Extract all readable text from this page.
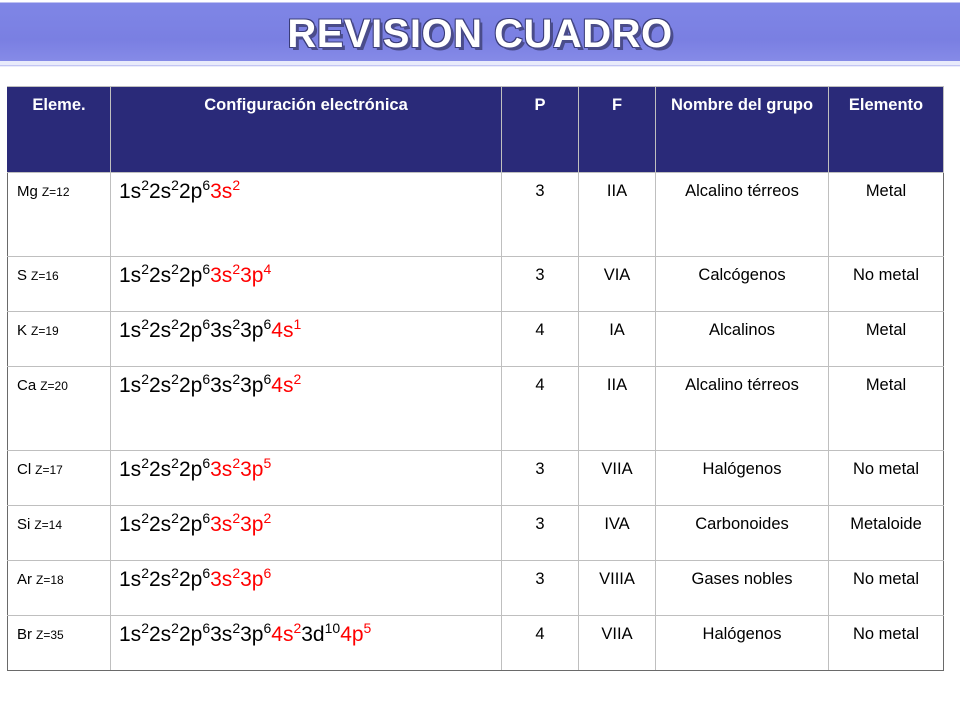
REVISION CUADRO
Eleme.	Configuración electrónica	P	F	Nombre del grupo	Elemento
Mg Z=12	$1s^22s^22p^63s^2$	3	IIA	Alcalino térreos	Metal
S Z=16	$1s^22s^22p^63s^23p^4$	3	VIA	Calcógenos	No metal
K Z=19	$1s^22s^22p^63s^23p^64s^1$	4	IA	Alcalinos	Metal
Ca Z=20	$1s^22s^22p^63s^23p^64s^2$	4	IIA	Alcalino térreos	Metal
Cl Z=17	$1s^22s^22p^63s^23p^5$	3	VIIA	Halógenos	No metal
Si Z=14	$1s^22s^22p^63s^23p^2$	3	IVA	Carbonoides	Metaloide
Ar Z=18	$1s^22s^22p^63s^23p^6$	3	VIIIA	Gases nobles	No metal
Br Z=35	$1s^22s^22p^63s^23p^64s^23d^{10}4p^5$	4	VIIA	Halógenos	No metal
